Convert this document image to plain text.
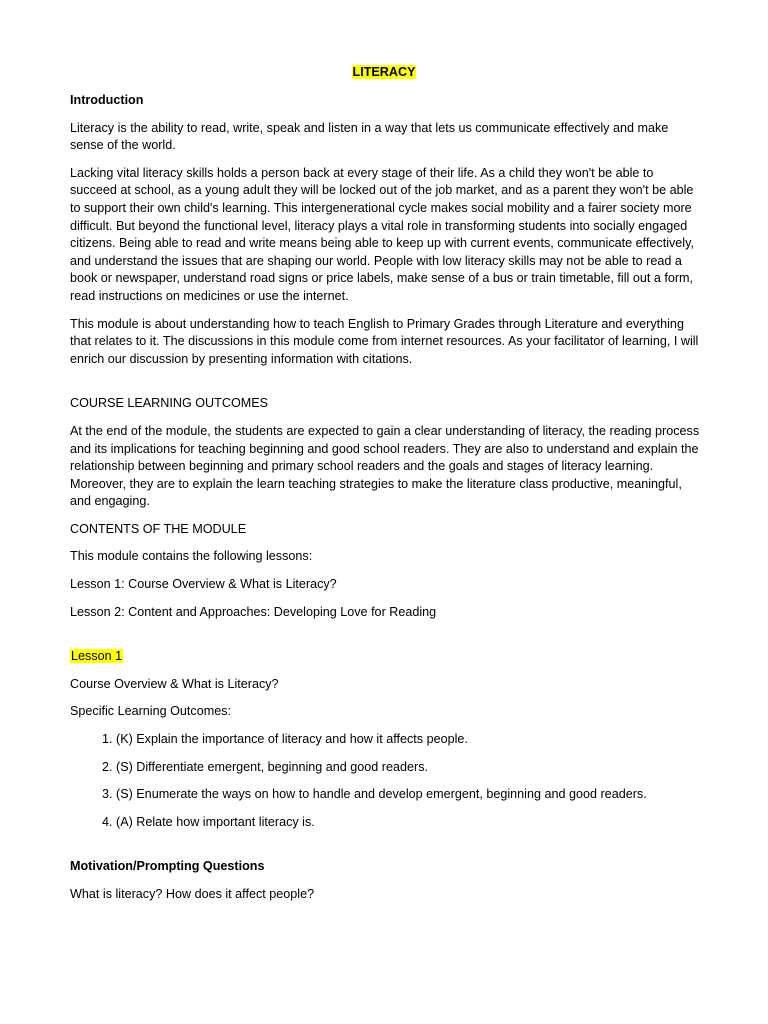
LITERACY
Introduction

Literacy is the ability to read, write, speak and listen in a way that lets us communicate effectively and make sense of the world.

Lacking vital literacy skills holds a person back at every stage of their life. As a child they won't be able to succeed at school, as a young adult they will be locked out of the job market, and as a parent they won't be able to support their own child's learning. This intergenerational cycle makes social mobility and a fairer society more difficult. But beyond the functional level, literacy plays a vital role in transforming students into socially engaged citizens. Being able to read and write means being able to keep up with current events, communicate effectively, and understand the issues that are shaping our world. People with low literacy skills may not be able to read a book or newspaper, understand road signs or price labels, make sense of a bus or train timetable, fill out a form, read instructions on medicines or use the internet.

This module is about understanding how to teach English to Primary Grades through Literature and everything that relates to it. The discussions in this module come from internet resources. As your facilitator of learning, I will enrich our discussion by presenting information with citations.

COURSE LEARNING OUTCOMES

At the end of the module, the students are expected to gain a clear understanding of literacy, the reading process and its implications for teaching beginning and good school readers. They are also to understand and explain the relationship between beginning and primary school readers and the goals and stages of literacy learning. Moreover, they are to explain the learn teaching strategies to make the literature class productive, meaningful, and engaging.

CONTENTS OF THE MODULE

This module contains the following lessons:

Lesson 1: Course Overview & What is Literacy?

Lesson 2: Content and Approaches: Developing Love for Reading

Lesson 1

Course Overview & What is Literacy?

Specific Learning Outcomes:

1. (K) Explain the importance of literacy and how it affects people.
2. (S) Differentiate emergent, beginning and good readers.
3. (S) Enumerate the ways on how to handle and develop emergent, beginning and good readers.
4. (A) Relate how important literacy is.
Motivation/Prompting Questions

What is literacy? How does it affect people?
